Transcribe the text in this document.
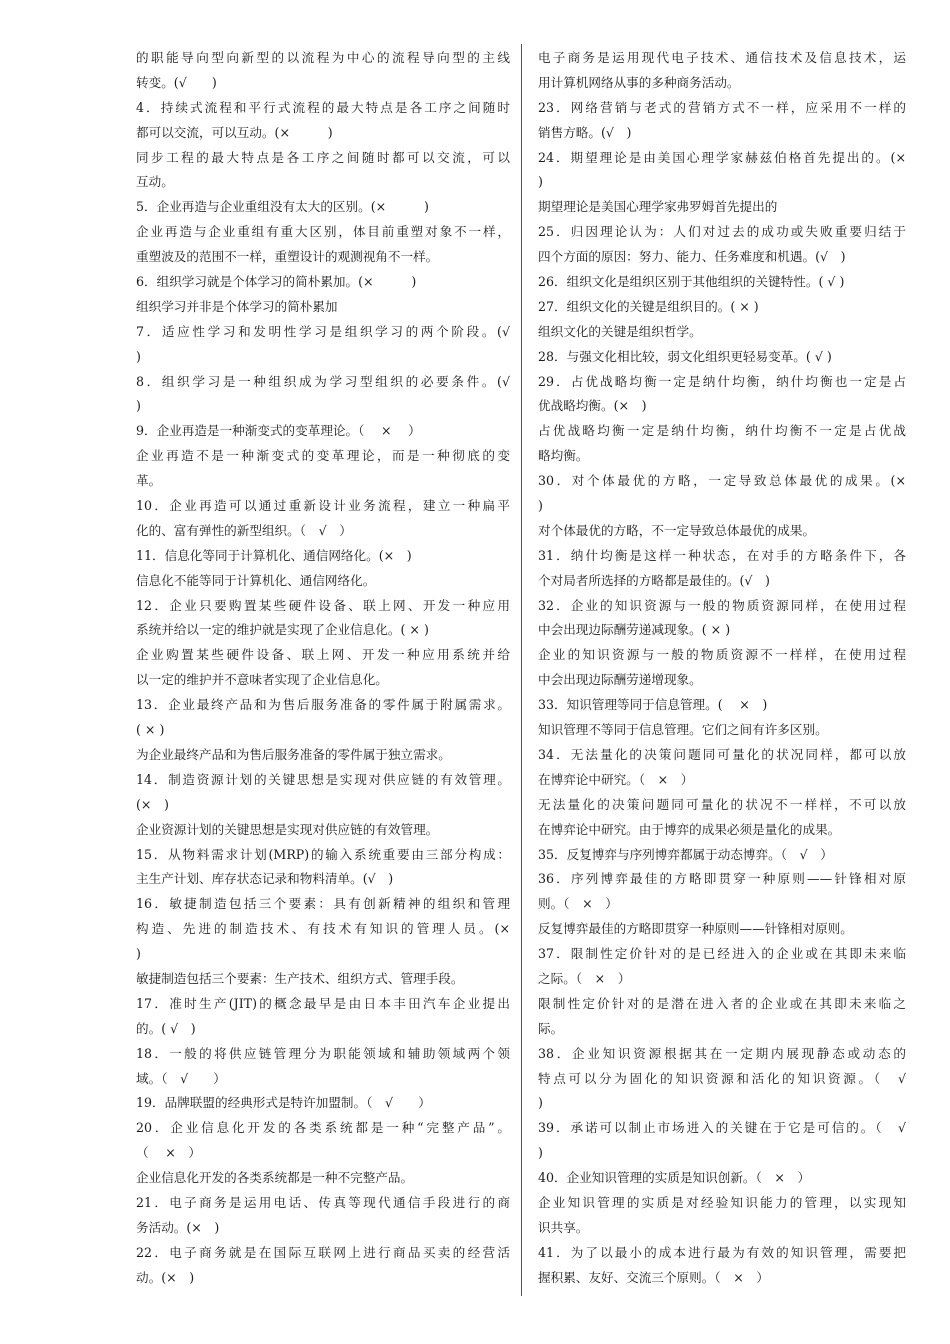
的职能导向型向新型的以流程为中心的流程导向型的主线
转变。(√　　)
4．持续式流程和平行式流程的最大特点是各工序之间随时
都可以交流，可以互动。(×　　　)
同步工程的最大特点是各工序之间随时都可以交流，可以
互动。
5．企业再造与企业重组没有太大的区别。(×　　　)
企业再造与企业重组有重大区别，体目前重塑对象不一样，
重塑波及的范围不一样，重塑设计的观测视角不一样。
6．组织学习就是个体学习的简朴累加。(×　　　)
组织学习并非是个体学习的简朴累加
7．适应性学习和发明性学习是组织学习的两个阶段。(√
)
8．组织学习是一种组织成为学习型组织的必要条件。(√
)
9．企业再造是一种渐变式的变革理论。（　 ×　 ）
企业再造不是一种渐变式的变革理论，而是一种彻底的变
革。
10．企业再造可以通过重新设计业务流程，建立一种扁平
化的、富有弹性的新型组织。（　√　）
11．信息化等同于计算机化、通信网络化。(×　)
信息化不能等同于计算机化、通信网络化。
12．企业只要购置某些硬件设备、联上网、开发一种应用
系统并给以一定的维护就是实现了企业信息化。( × )
企业购置某些硬件设备、联上网、开发一种应用系统并给
以一定的维护并不意味者实现了企业信息化。
13．企业最终产品和为售后服务准备的零件属于附属需求。
( × )
为企业最终产品和为售后服务准备的零件属于独立需求。
14．制造资源计划的关键思想是实现对供应链的有效管理。
(×　)
企业资源计划的关键思想是实现对供应链的有效管理。
15．从物料需求计划(MRP)的输入系统重要由三部分构成：
主生产计划、库存状态记录和物料清单。(√　)
16．敏捷制造包括三个要素：具有创新精神的组织和管理
构造、先进的制造技术、有技术有知识的管理人员。(×
)
敏捷制造包括三个要素：生产技术、组织方式、管理手段。
17．准时生产(JIT)的概念最早是由日本丰田汽车企业提出
的。( √　)
18．一般的将供应链管理分为职能领域和辅助领域两个领
域。（　√　　）
19．品牌联盟的经典形式是特许加盟制。（　√　　）
20．企业信息化开发的各类系统都是一种“完整产品”。
（　 ×　）
企业信息化开发的各类系统都是一种不完整产品。
21．电子商务是运用电话、传真等现代通信手段进行的商
务活动。(×　)
22．电子商务就是在国际互联网上进行商品买卖的经营活
动。(×　)
电子商务是运用现代电子技术、通信技术及信息技术，运
用计算机网络从事的多种商务活动。
23．网络营销与老式的营销方式不一样，应采用不一样的
销售方略。(√　)
24．期望理论是由美国心理学家赫兹伯格首先提出的。(×
)
期望理论是美国心理学家弗罗姆首先提出的
25．归因理论认为：人们对过去的成功或失败重要归结于
四个方面的原因：努力、能力、任务难度和机遇。(√　)
26．组织文化是组织区别于其他组织的关键特性。( √ )
27．组织文化的关键是组织目的。( × )
组织文化的关键是组织哲学。
28．与强文化相比较，弱文化组织更轻易变革。( √ )
29．占优战略均衡一定是纳什均衡，纳什均衡也一定是占
优战略均衡。(×　)
占优战略均衡一定是纳什均衡，纳什均衡不一定是占优战
略均衡。
30．对个体最优的方略，一定导致总体最优的成果。(×
)
对个体最优的方略，不一定导致总体最优的成果。
31．纳什均衡是这样一种状态，在对手的方略条件下，各
个对局者所选择的方略都是最佳的。(√　)
32．企业的知识资源与一般的物质资源同样，在使用过程
中会出现边际酬劳递减现象。( × )
企业的知识资源与一般的物质资源不一样样，在使用过程
中会出现边际酬劳递增现象。
33．知识管理等同于信息管理。(　 ×　)
知识管理不等同于信息管理。它们之间有许多区别。
34．无法量化的决策问题同可量化的状况同样，都可以放
在博弈论中研究。（　×　）
无法量化的决策问题同可量化的状况不一样样，不可以放
在博弈论中研究。由于博弈的成果必须是量化的成果。
35．反复博弈与序列博弈都属于动态博弈。（　√　）
36．序列博弈最佳的方略即贯穿一种原则——针锋相对原
则。（　×　）
反复博弈最佳的方略即贯穿一种原则——针锋相对原则。
37．限制性定价针对的是已经进入的企业或在其即未来临
之际。（　×　）
限制性定价针对的是潜在进入者的企业或在其即未来临之
际。
38．企业知识资源根据其在一定期内展现静态或动态的
特点可以分为固化的知识资源和活化的知识资源。（　√
)
39．承诺可以制止市场进入的关键在于它是可信的。（　√
)
40．企业知识管理的实质是知识创新。（　×　）
企业知识管理的实质是对经验知识能力的管理，以实现知
识共享。
41．为了以最小的成本进行最为有效的知识管理，需要把
握积累、友好、交流三个原则。（　×　）
